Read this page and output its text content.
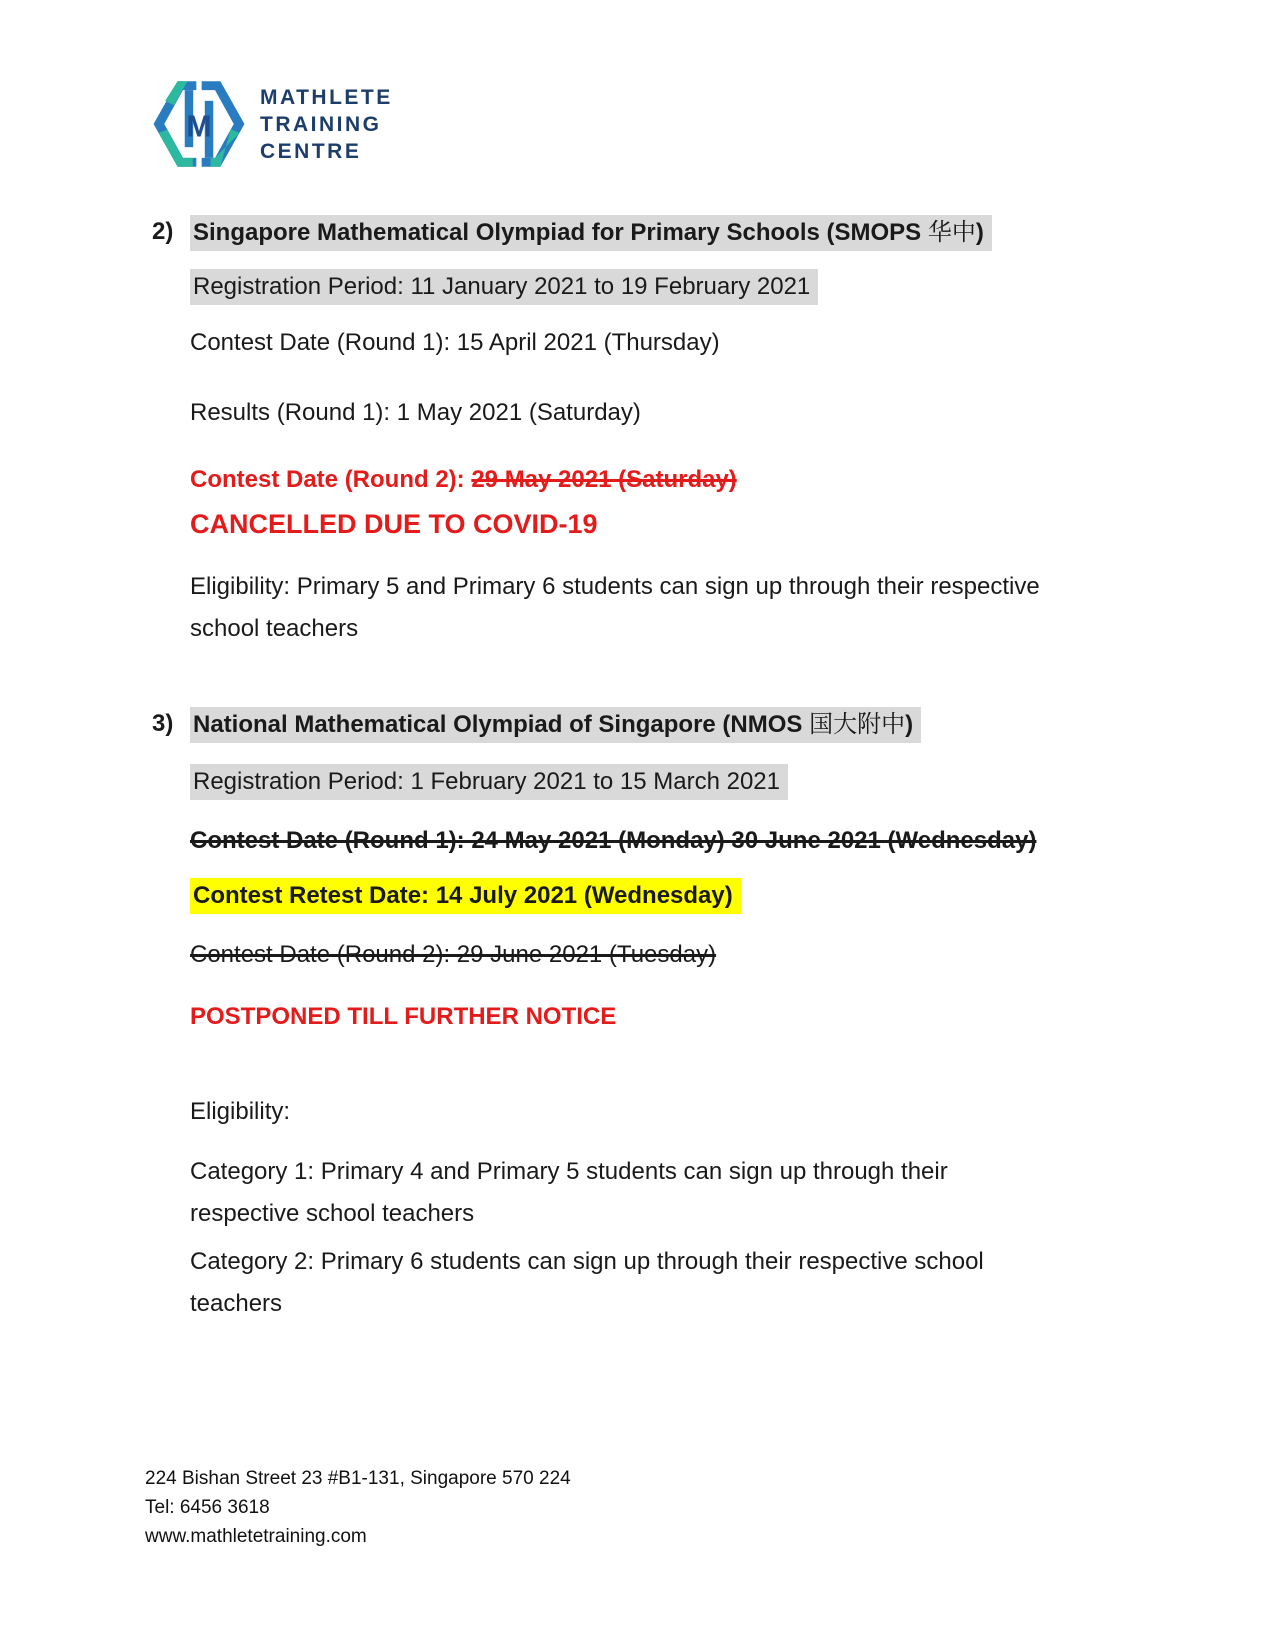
M
MATHLETE
TRAINING
CENTRE
2) Singapore Mathematical Olympiad for Primary Schools (SMOPS 华中)
Registration Period: 11 January 2021 to 19 February 2021
Contest Date (Round 1): 15 April 2021 (Thursday)
Results (Round 1): 1 May 2021 (Saturday)
Contest Date (Round 2): 29 May 2021 (Saturday)
CANCELLED DUE TO COVID-19
Eligibility: Primary 5 and Primary 6 students can sign up through their respective school teachers
3) National Mathematical Olympiad of Singapore (NMOS 国大附中)
Registration Period: 1 February 2021 to 15 March 2021
Contest Date (Round 1): 24 May 2021 (Monday) 30 June 2021 (Wednesday)
Contest Retest Date: 14 July 2021 (Wednesday)
Contest Date (Round 2): 29 June 2021 (Tuesday)
POSTPONED TILL FURTHER NOTICE
Eligibility:
Category 1: Primary 4 and Primary 5 students can sign up through their respective school teachers
Category 2: Primary 6 students can sign up through their respective school teachers
224 Bishan Street 23 #B1-131, Singapore 570 224
Tel: 6456 3618
www.mathletetraining.com
